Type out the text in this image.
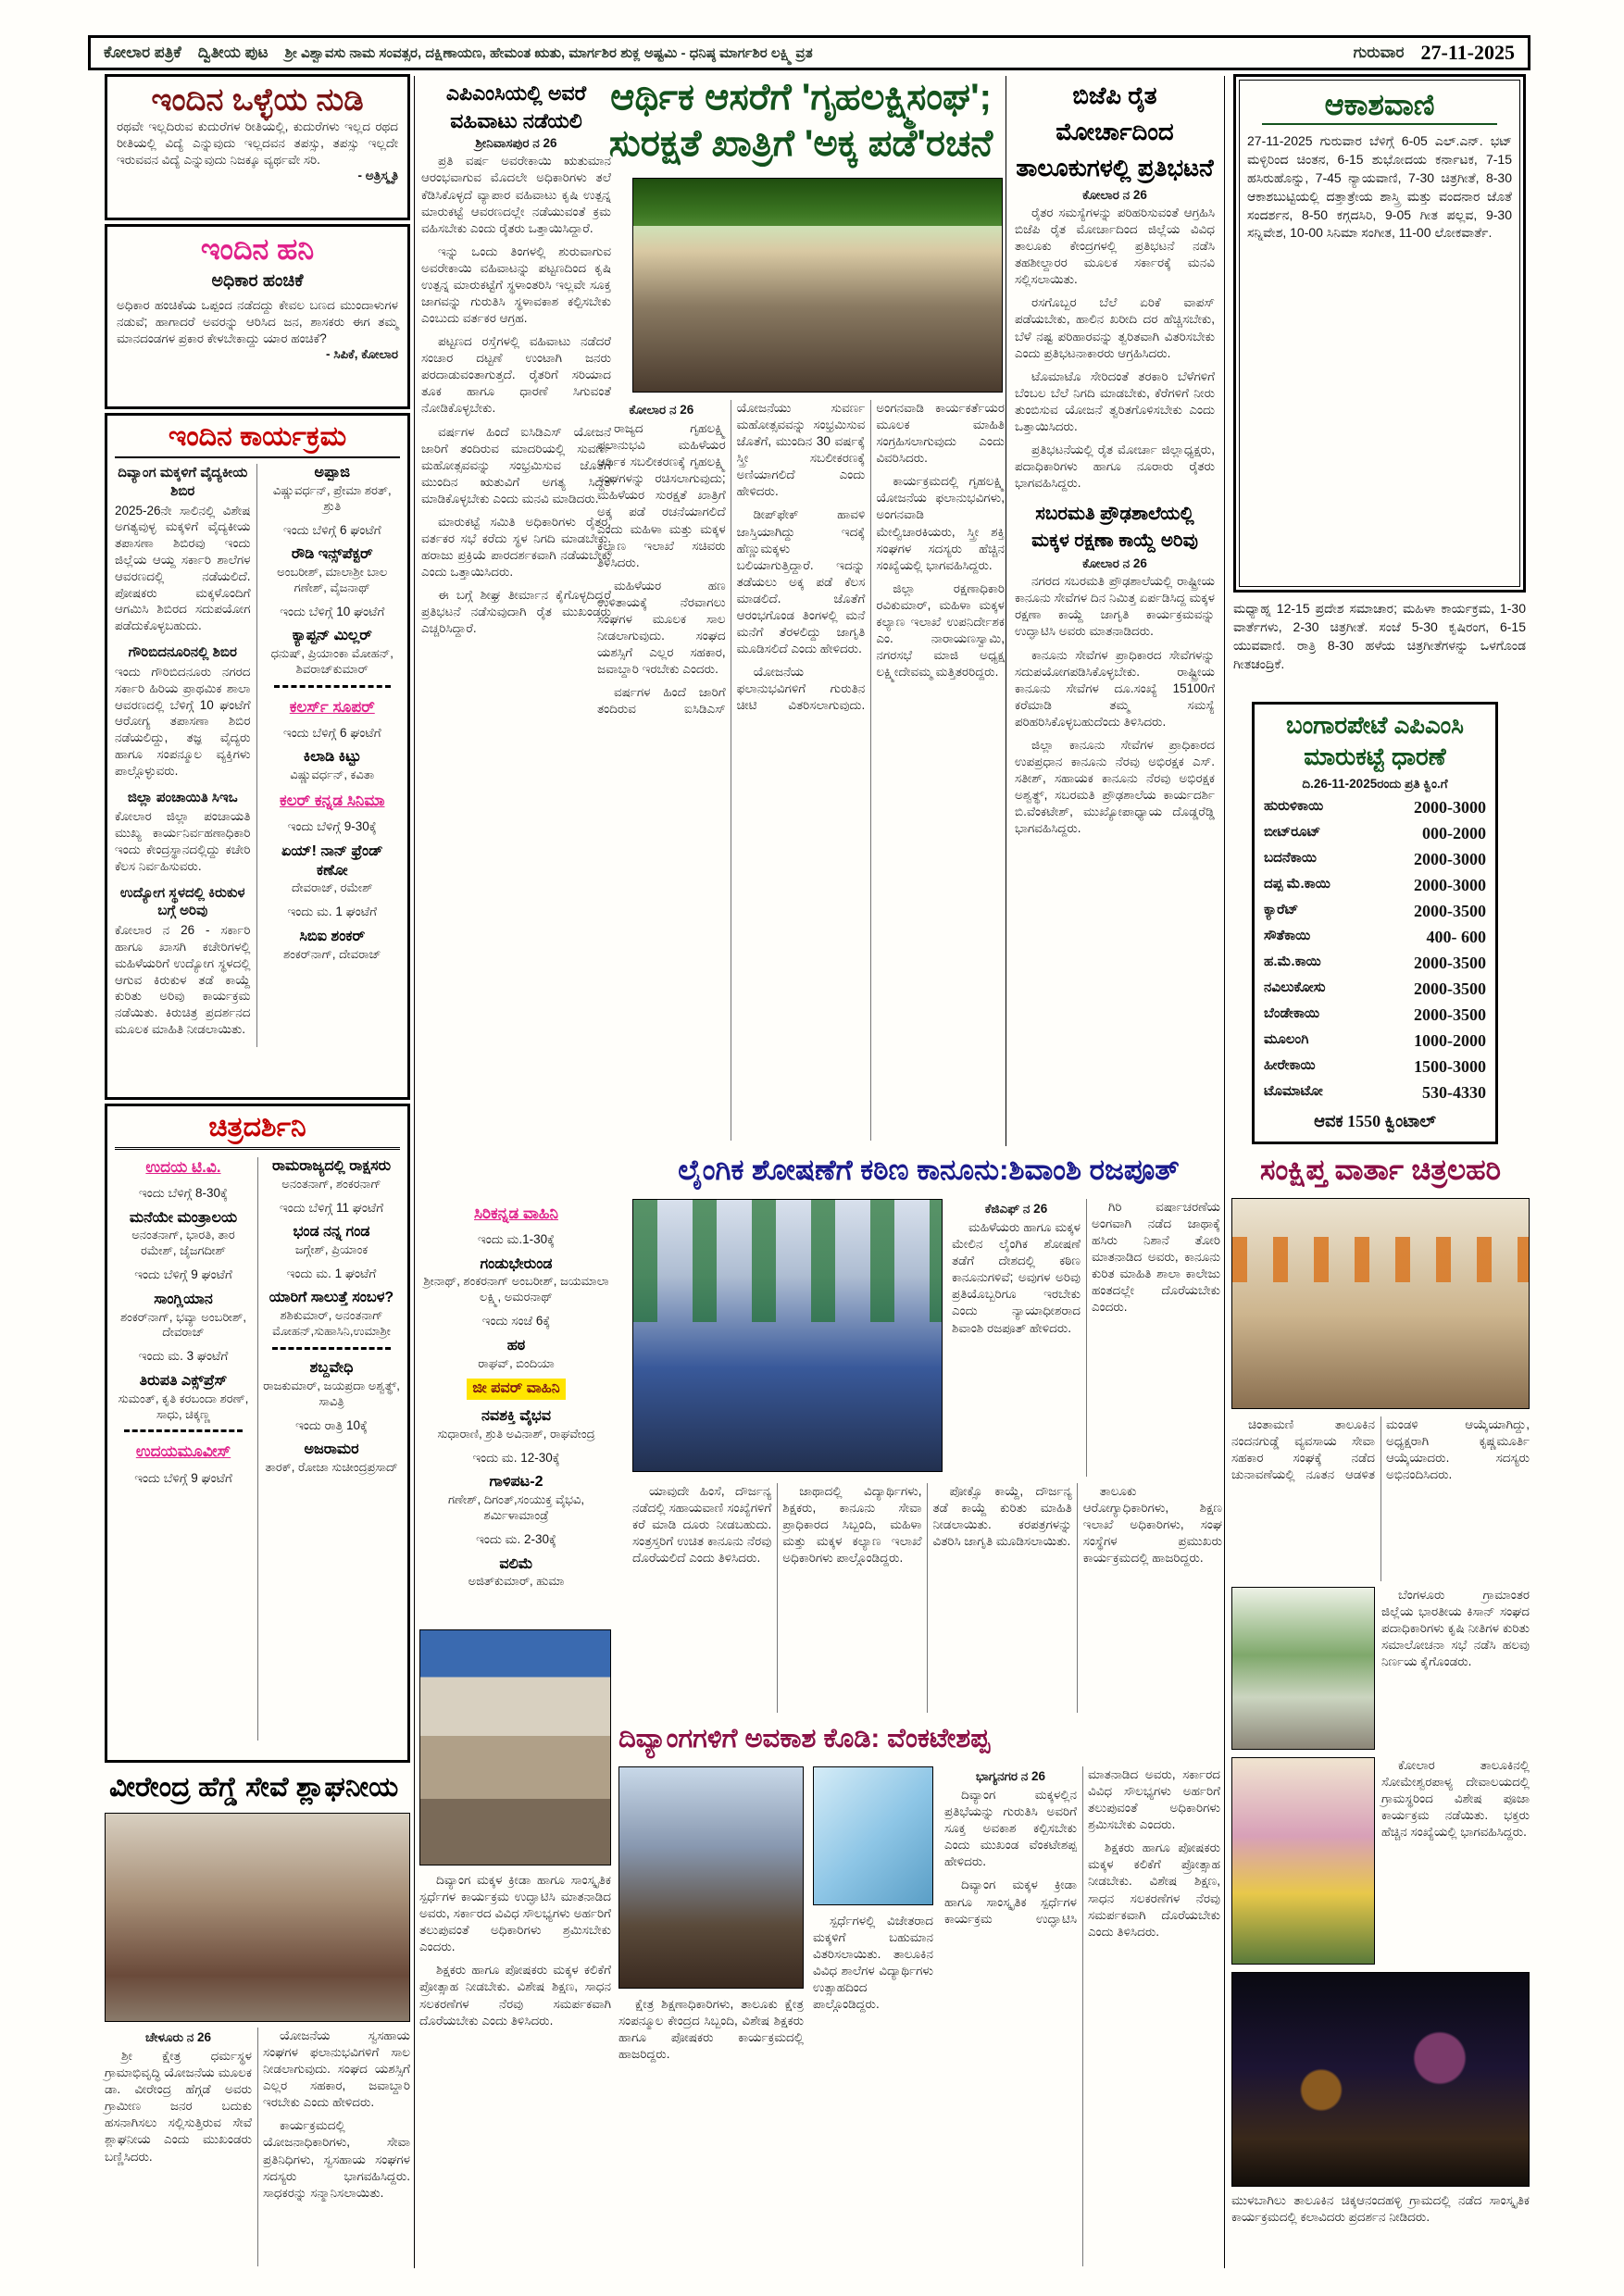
ಕೋಲಾರ ಪತ್ರಿಕೆ ದ್ವಿತೀಯ ಪುಟ ಶ್ರೀ ವಿಶ್ವಾವಸು ನಾಮ ಸಂವತ್ಸರ, ದಕ್ಷಿಣಾಯಣ, ಹೇಮಂತ ಋತು, ಮಾರ್ಗಶಿರ ಶುಕ್ಲ ಅಷ್ಟಮಿ - ಧನಿಷ್ಠ ಮಾರ್ಗಶಿರ ಲಕ್ಷ್ಮಿ ವ್ರತ	ಗುರುವಾರ 27-11-2025
ಇಂದಿನ ಒಳ್ಳೆಯ ನುಡಿ
ರಥವೇ ಇಲ್ಲದಿರುವ ಕುದುರೆಗಳ ರೀತಿಯಲ್ಲಿ, ಕುದುರೆಗಳು ಇಲ್ಲದ ರಥದ ರೀತಿಯಲ್ಲಿ ವಿದ್ಯೆ ಎನ್ನುವುದು ಇಲ್ಲದವನ ತಪಸ್ಸು, ತಪಸ್ಸು ಇಲ್ಲದೇ ಇರುವವನ ವಿದ್ಯೆ ಎನ್ನುವುದು ನಿಜಕ್ಕೂ ವ್ಯರ್ಥವೇ ಸರಿ.
- ಅತ್ರಿಸ್ಮೃತಿ
ಇಂದಿನ ಹನಿ
ಅಧಿಕಾರ ಹಂಚಿಕೆ
ಅಧಿಕಾರ ಹಂಚಿಕೆಯ ಒಪ್ಪಂದ ನಡೆದದ್ದು ಕೇವಲ ಬಣದ ಮುಂದಾಳುಗಳ ನಡುವೆ; ಹಾಗಾದರೆ ಅವರನ್ನು ಆರಿಸಿದ ಜನ, ಶಾಸಕರು ಈಗ ತಮ್ಮ ಮಾನದಂಡಗಳ ಪ್ರಕಾರ ಕೇಳಬೇಕಾದ್ದು ಯಾರ ಹಂಚಿಕೆ?
- ಸಿಪಿಕೆ, ಕೋಲಾರ
ಇಂದಿನ ಕಾರ್ಯಕ್ರಮ
ದಿವ್ಯಾಂಗ ಮಕ್ಕಳಿಗೆ ವೈದ್ಯಕೀಯ ಶಿಬಿರ
2025-26ನೇ ಸಾಲಿನಲ್ಲಿ ವಿಶೇಷ ಅಗತ್ಯವುಳ್ಳ ಮಕ್ಕಳಿಗೆ ವೈದ್ಯಕೀಯ ತಪಾಸಣಾ ಶಿಬಿರವು ಇಂದು ಜಿಲ್ಲೆಯ ಆಯ್ದ ಸರ್ಕಾರಿ ಶಾಲೆಗಳ ಆವರಣದಲ್ಲಿ ನಡೆಯಲಿದೆ. ಪೋಷಕರು ಮಕ್ಕಳೊಂದಿಗೆ ಆಗಮಿಸಿ ಶಿಬಿರದ ಸದುಪಯೋಗ ಪಡೆದುಕೊಳ್ಳಬಹುದು.
ಗೌರಿಬಿದನೂರಿನಲ್ಲಿ ಶಿಬಿರ
ಇಂದು ಗೌರಿಬಿದನೂರು ನಗರದ ಸರ್ಕಾರಿ ಹಿರಿಯ ಪ್ರಾಥಮಿಕ ಶಾಲಾ ಆವರಣದಲ್ಲಿ ಬೆಳಿಗ್ಗೆ 10 ಘಂಟೆಗೆ ಆರೋಗ್ಯ ತಪಾಸಣಾ ಶಿಬಿರ ನಡೆಯಲಿದ್ದು, ತಜ್ಞ ವೈದ್ಯರು ಹಾಗೂ ಸಂಪನ್ಮೂಲ ವ್ಯಕ್ತಿಗಳು ಪಾಲ್ಗೊಳ್ಳುವರು.
ಜಿಲ್ಲಾ ಪಂಚಾಯಿತಿ ಸಿಇಒ
ಕೋಲಾರ ಜಿಲ್ಲಾ ಪಂಚಾಯತಿ ಮುಖ್ಯ ಕಾರ್ಯನಿರ್ವಹಣಾಧಿಕಾರಿ ಇಂದು ಕೇಂದ್ರಸ್ಥಾನದಲ್ಲಿದ್ದು ಕಚೇರಿ ಕೆಲಸ ನಿರ್ವಹಿಸುವರು.
ಉದ್ಯೋಗ ಸ್ಥಳದಲ್ಲಿ ಕಿರುಕುಳ ಬಗ್ಗೆ ಅರಿವು
ಕೋಲಾರ ನ 26 - ಸರ್ಕಾರಿ ಹಾಗೂ ಖಾಸಗಿ ಕಚೇರಿಗಳಲ್ಲಿ ಮಹಿಳೆಯರಿಗೆ ಉದ್ಯೋಗ ಸ್ಥಳದಲ್ಲಿ ಆಗುವ ಕಿರುಕುಳ ತಡೆ ಕಾಯ್ದೆ ಕುರಿತು ಅರಿವು ಕಾರ್ಯಕ್ರಮ ನಡೆಯಿತು. ಕಿರುಚಿತ್ರ ಪ್ರದರ್ಶನದ ಮೂಲಕ ಮಾಹಿತಿ ನೀಡಲಾಯಿತು.
ಅಪ್ಪಾಜಿ
ವಿಷ್ಣುವರ್ಧನ್, ಪ್ರೇಮಾ ಶರತ್, ಶ್ರುತಿ
ಇಂದು ಬೆಳಿಗ್ಗೆ 6 ಘಂಟೆಗೆ
ರೌಡಿ ಇನ್ಸ್‌ಪೆಕ್ಟರ್
ಅಂಬರೀಶ್, ಮಾಲಾಶ್ರೀ ಬಾಲ ಗಣೇಶ್, ವೈಜನಾಥ್
ಇಂದು ಬೆಳಿಗ್ಗೆ 10 ಘಂಟೆಗೆ
ಕ್ಯಾಪ್ಟನ್ ಮಿಲ್ಲರ್
ಧನುಷ್, ಪ್ರಿಯಾಂಕಾ ಮೋಹನ್, ಶಿವರಾಜ್‌ಕುಮಾರ್
ಕಲರ್ಸ್ ಸೂಪರ್
ಇಂದು ಬೆಳಿಗ್ಗೆ 6 ಘಂಟೆಗೆ
ಕಿಲಾಡಿ ಕಿಟ್ಟು
ವಿಷ್ಣುವರ್ಧನ್, ಕವಿತಾ
ಕಲರ್ ಕನ್ನಡ ಸಿನಿಮಾ
ಇಂದು ಬೆಳಿಗ್ಗೆ 9-30ಕ್ಕೆ
ಏಯ್! ನಾನ್ ಫ್ರೆಂಡ್ ಕಣೋ
ದೇವರಾಜ್, ರಮೇಶ್
ಇಂದು ಮ. 1 ಘಂಟೆಗೆ
ಸಿಬಿಐ ಶಂಕರ್
ಶಂಕರ್‌ನಾಗ್, ದೇವರಾಜ್
ಚಿತ್ರದರ್ಶಿನಿ
ಉದಯ ಟಿ.ವಿ.
ಇಂದು ಬೆಳಿಗ್ಗೆ 8-30ಕ್ಕೆ
ಮನೆಯೇ ಮಂತ್ರಾಲಯ
ಅನಂತನಾಗ್, ಭಾರತಿ, ತಾರ ರಮೇಶ್, ಜೈಜಗದೀಶ್
ಇಂದು ಬೆಳಿಗ್ಗೆ 9 ಘಂಟೆಗೆ
ಸಾಂಗ್ಲಿಯಾನ
ಶಂಕರ್‌ನಾಗ್, ಭವ್ಯಾ ಅಂಬರೀಶ್, ದೇವರಾಜ್
ಇಂದು ಮ. 3 ಘಂಟೆಗೆ
ತಿರುಪತಿ ಎಕ್ಸ್‌ಪ್ರೆಸ್
ಸುಮಂತ್, ಕೃತಿ ಕರಬಂದಾ ಶರಣ್, ಸಾಧು, ಚಿಕ್ಕಣ್ಣ
ಉದಯಮೂವೀಸ್
ಇಂದು ಬೆಳಿಗ್ಗೆ 9 ಘಂಟೆಗೆ
ರಾಮರಾಜ್ಯದಲ್ಲಿ ರಾಕ್ಷಸರು
ಅನಂತನಾಗ್, ಶಂಕರನಾಗ್
ಇಂದು ಬೆಳಿಗ್ಗೆ 11 ಘಂಟೆಗೆ
ಭಂಡ ನನ್ನ ಗಂಡ
ಜಗ್ಗೇಶ್, ಪ್ರಿಯಾಂಕ
ಇಂದು ಮ. 1 ಘಂಟೆಗೆ
ಯಾರಿಗೆ ಸಾಲುತ್ತೆ ಸಂಬಳ?
ಶಶಿಕುಮಾರ್, ಅನಂತನಾಗ್ ಮೋಹನ್,ಸುಹಾಸಿನಿ,ಉಮಾಶ್ರೀ
ಶಬ್ದವೇಧಿ
ರಾಜಕುಮಾರ್, ಜಯಪ್ರದಾ ಅಶ್ವತ್ಥ್, ಸಾವಿತ್ರಿ
ಇಂದು ರಾತ್ರಿ 10ಕ್ಕೆ
ಅಜರಾಮರ
ತಾರಕ್, ರೋಜಾ ಸುಚೀಂದ್ರಪ್ರಸಾದ್
ಎಪಿಎಂಸಿಯಲ್ಲಿ ಅವರೆ ವಹಿವಾಟು ನಡೆಯಲಿ
ಶ್ರೀನಿವಾಸಪುರ ನ 26

ಪ್ರತಿ ವರ್ಷ ಅವರೇಕಾಯಿ ಋತುಮಾನ ಆರಂಭವಾಗುವ ಮೊದಲೇ ಅಧಿಕಾರಿಗಳು ತಲೆ ಕೆಡಿಸಿಕೊಳ್ಳದೆ ವ್ಯಾಪಾರ ವಹಿವಾಟು ಕೃಷಿ ಉತ್ಪನ್ನ ಮಾರುಕಟ್ಟೆ ಆವರಣದಲ್ಲೇ ನಡೆಯುವಂತೆ ಕ್ರಮ ವಹಿಸಬೇಕು ಎಂದು ರೈತರು ಒತ್ತಾಯಿಸಿದ್ದಾರೆ.

ಇನ್ನು ಒಂದು ತಿಂಗಳಲ್ಲಿ ಶುರುವಾಗುವ ಅವರೇಕಾಯಿ ವಹಿವಾಟನ್ನು ಪಟ್ಟಣದಿಂದ ಕೃಷಿ ಉತ್ಪನ್ನ ಮಾರುಕಟ್ಟೆಗೆ ಸ್ಥಳಾಂತರಿಸಿ ಇಲ್ಲವೇ ಸೂಕ್ತ ಜಾಗವನ್ನು ಗುರುತಿಸಿ ಸ್ಥಳಾವಕಾಶ ಕಲ್ಪಿಸಬೇಕು ಎಂಬುದು ವರ್ತಕರ ಆಗ್ರಹ.

ಪಟ್ಟಣದ ರಸ್ತೆಗಳಲ್ಲಿ ವಹಿವಾಟು ನಡೆದರೆ ಸಂಚಾರ ದಟ್ಟಣೆ ಉಂಟಾಗಿ ಜನರು ಪರದಾಡುವಂತಾಗುತ್ತದೆ. ರೈತರಿಗೆ ಸರಿಯಾದ ತೂಕ ಹಾಗೂ ಧಾರಣೆ ಸಿಗುವಂತೆ ನೋಡಿಕೊಳ್ಳಬೇಕು.

ವರ್ಷಗಳ ಹಿಂದೆ ಐಸಿಡಿಎಸ್ ಯೋಜನೆ ಜಾರಿಗೆ ತಂದಿರುವ ಮಾದರಿಯಲ್ಲಿ ಸುವರ್ಣ ಮಹೋತ್ಸವವನ್ನು ಸಂಭ್ರಮಿಸುವ ಜೊತೆಗೆ ಮುಂದಿನ ಋತುವಿಗೆ ಅಗತ್ಯ ಸಿದ್ಧತೆ ಮಾಡಿಕೊಳ್ಳಬೇಕು ಎಂದು ಮನವಿ ಮಾಡಿದರು.

ಮಾರುಕಟ್ಟೆ ಸಮಿತಿ ಅಧಿಕಾರಿಗಳು ರೈತರ, ವರ್ತಕರ ಸಭೆ ಕರೆದು ಸ್ಥಳ ನಿಗದಿ ಮಾಡಬೇಕು. ಹರಾಜು ಪ್ರಕ್ರಿಯೆ ಪಾರದರ್ಶಕವಾಗಿ ನಡೆಯಬೇಕು ಎಂದು ಒತ್ತಾಯಿಸಿದರು.

ಈ ಬಗ್ಗೆ ಶೀಘ್ರ ತೀರ್ಮಾನ ಕೈಗೊಳ್ಳದಿದ್ದರೆ ಪ್ರತಿಭಟನೆ ನಡೆಸುವುದಾಗಿ ರೈತ ಮುಖಂಡರು ಎಚ್ಚರಿಸಿದ್ದಾರೆ.

ಸಿರಿಕನ್ನಡ ವಾಹಿನಿ
ಇಂದು ಮ.1-30ಕ್ಕೆ
ಗಂಡುಭೇರುಂಡ
ಶ್ರೀನಾಥ್, ಶಂಕರನಾಗ್ ಅಂಬರೀಶ್, ಜಯಮಾಲಾ ಲಕ್ಷ್ಮಿ, ಅಮರನಾಥ್
ಇಂದು ಸಂಜೆ 6ಕ್ಕೆ
ಹಠ
ರಾಘವ್, ಬಿಂದಿಯಾ
ಜೀ ಪವರ್ ವಾಹಿನಿ
ನವಶಕ್ತಿ ವೈಭವ
ಸುಧಾರಾಣಿ, ಶ್ರುತಿ ಅವಿನಾಶ್, ರಾಘವೇಂದ್ರ
ಇಂದು ಮ. 12-30ಕ್ಕೆ
ಗಾಳಿಪಟ-2
ಗಣೇಶ್, ದಿಗಂತ್,ಸಂಯುಕ್ತ ವೈಭವಿ, ಶರ್ಮಿಳಾಮಾಂಡ್ರೆ
ಇಂದು ಮ. 2-30ಕ್ಕೆ
ವಲಿಮೆ
ಅಜಿತ್‌ಕುಮಾರ್, ಹುಮಾ
ಆರ್ಥಿಕ ಆಸರೆಗೆ 'ಗೃಹಲಕ್ಷ್ಮಿಸಂಘ';
ಸುರಕ್ಷತೆ ಖಾತ್ರಿಗೆ 'ಅಕ್ಕ ಪಡೆ'ರಚನೆ
ಕೋಲಾರ ನ 26

ರಾಜ್ಯದ ಗೃಹಲಕ್ಷ್ಮಿ ಫಲಾನುಭವಿ ಮಹಿಳೆಯರ ಆರ್ಥಿಕ ಸಬಲೀಕರಣಕ್ಕೆ ಗೃಹಲಕ್ಷ್ಮಿ ಸಂಘಗಳನ್ನು ರಚಿಸಲಾಗುವುದು; ಮಹಿಳೆಯರ ಸುರಕ್ಷತೆ ಖಾತ್ರಿಗೆ ಅಕ್ಕ ಪಡೆ ರಚನೆಯಾಗಲಿದೆ ಎಂದು ಮಹಿಳಾ ಮತ್ತು ಮಕ್ಕಳ ಕಲ್ಯಾಣ ಇಲಾಖೆ ಸಚಿವರು ತಿಳಿಸಿದರು.

ಮಹಿಳೆಯರ ಹಣ ಉಳಿತಾಯಕ್ಕೆ ನೆರವಾಗಲು ಸಂಘಗಳ ಮೂಲಕ ಸಾಲ ನೀಡಲಾಗುವುದು. ಸಂಘದ ಯಶಸ್ಸಿಗೆ ಎಲ್ಲರ ಸಹಕಾರ, ಜವಾಬ್ದಾರಿ ಇರಬೇಕು ಎಂದರು.

ವರ್ಷಗಳ ಹಿಂದೆ ಜಾರಿಗೆ ತಂದಿರುವ ಐಸಿಡಿಎಸ್ ಯೋಜನೆಯು ಸುವರ್ಣ ಮಹೋತ್ಸವವನ್ನು ಸಂಭ್ರಮಿಸುವ ಜೊತೆಗೆ, ಮುಂದಿನ 30 ವರ್ಷಕ್ಕೆ ಸ್ತ್ರೀ ಸಬಲೀಕರಣಕ್ಕೆ ಅಣಿಯಾಗಲಿದೆ ಎಂದು ಹೇಳಿದರು.

ಡೀಪ್‌ಫೇಕ್ ಹಾವಳಿ ಜಾಸ್ತಿಯಾಗಿದ್ದು ಇದಕ್ಕೆ ಹೆಣ್ಣುಮಕ್ಕಳು ಬಲಿಯಾಗುತ್ತಿದ್ದಾರೆ. ಇದನ್ನು ತಡೆಯಲು ಅಕ್ಕ ಪಡೆ ಕೆಲಸ ಮಾಡಲಿದೆ. ಜೊತೆಗೆ ಆರಂಭಗೊಂಡ ತಿಂಗಳಲ್ಲಿ ಮನೆ ಮನೆಗೆ ತೆರಳಲಿದ್ದು ಜಾಗೃತಿ ಮೂಡಿಸಲಿದೆ ಎಂದು ಹೇಳಿದರು.

ಯೋಜನೆಯ ಫಲಾನುಭವಿಗಳಿಗೆ ಗುರುತಿನ ಚೀಟಿ ವಿತರಿಸಲಾಗುವುದು. ಅಂಗನವಾಡಿ ಕಾರ್ಯಕರ್ತೆಯರ ಮೂಲಕ ಮಾಹಿತಿ ಸಂಗ್ರಹಿಸಲಾಗುವುದು ಎಂದು ವಿವರಿಸಿದರು.

ಕಾರ್ಯಕ್ರಮದಲ್ಲಿ ಗೃಹಲಕ್ಷ್ಮಿ ಯೋಜನೆಯ ಫಲಾನುಭವಿಗಳು, ಅಂಗನವಾಡಿ ಮೇಲ್ವಿಚಾರಕಿಯರು, ಸ್ತ್ರೀ ಶಕ್ತಿ ಸಂಘಗಳ ಸದಸ್ಯರು ಹೆಚ್ಚಿನ ಸಂಖ್ಯೆಯಲ್ಲಿ ಭಾಗವಹಿಸಿದ್ದರು.

ಜಿಲ್ಲಾ ರಕ್ಷಣಾಧಿಕಾರಿ ರವಿಕುಮಾರ್, ಮಹಿಳಾ ಮಕ್ಕಳ ಕಲ್ಯಾಣ ಇಲಾಖೆ ಉಪನಿರ್ದೇಶಕ ಎಂ. ನಾರಾಯಣಸ್ವಾಮಿ, ನಗರಸಭೆ ಮಾಜಿ ಅಧ್ಯಕ್ಷ ಲಕ್ಷ್ಮೀದೇವಮ್ಮ ಮತ್ತಿತರರಿದ್ದರು.

ಬಿಜೆಪಿ ರೈತ ಮೋರ್ಚಾದಿಂದ ತಾಲೂಕುಗಳಲ್ಲಿ ಪ್ರತಿಭಟನೆ
ಕೋಲಾರ ನ 26

ರೈತರ ಸಮಸ್ಯೆಗಳನ್ನು ಪರಿಹರಿಸುವಂತೆ ಆಗ್ರಹಿಸಿ ಬಿಜೆಪಿ ರೈತ ಮೋರ್ಚಾದಿಂದ ಜಿಲ್ಲೆಯ ವಿವಿಧ ತಾಲೂಕು ಕೇಂದ್ರಗಳಲ್ಲಿ ಪ್ರತಿಭಟನೆ ನಡೆಸಿ ತಹಶೀಲ್ದಾರರ ಮೂಲಕ ಸರ್ಕಾರಕ್ಕೆ ಮನವಿ ಸಲ್ಲಿಸಲಾಯಿತು.

ರಸಗೊಬ್ಬರ ಬೆಲೆ ಏರಿಕೆ ವಾಪಸ್ ಪಡೆಯಬೇಕು, ಹಾಲಿನ ಖರೀದಿ ದರ ಹೆಚ್ಚಿಸಬೇಕು, ಬೆಳೆ ನಷ್ಟ ಪರಿಹಾರವನ್ನು ತ್ವರಿತವಾಗಿ ವಿತರಿಸಬೇಕು ಎಂದು ಪ್ರತಿಭಟನಾಕಾರರು ಆಗ್ರಹಿಸಿದರು.

ಟೊಮಾಟೊ ಸೇರಿದಂತೆ ತರಕಾರಿ ಬೆಳೆಗಳಿಗೆ ಬೆಂಬಲ ಬೆಲೆ ನಿಗದಿ ಮಾಡಬೇಕು, ಕೆರೆಗಳಿಗೆ ನೀರು ತುಂಬಿಸುವ ಯೋಜನೆ ತ್ವರಿತಗೊಳಿಸಬೇಕು ಎಂದು ಒತ್ತಾಯಿಸಿದರು.

ಪ್ರತಿಭಟನೆಯಲ್ಲಿ ರೈತ ಮೋರ್ಚಾ ಜಿಲ್ಲಾಧ್ಯಕ್ಷರು, ಪದಾಧಿಕಾರಿಗಳು ಹಾಗೂ ನೂರಾರು ರೈತರು ಭಾಗವಹಿಸಿದ್ದರು.

ಸಬರಮತಿ ಪ್ರೌಢಶಾಲೆಯಲ್ಲಿ ಮಕ್ಕಳ ರಕ್ಷಣಾ ಕಾಯ್ದೆ ಅರಿವು
ಕೋಲಾರ ನ 26

ನಗರದ ಸಬರಮತಿ ಪ್ರೌಢಶಾಲೆಯಲ್ಲಿ ರಾಷ್ಟ್ರೀಯ ಕಾನೂನು ಸೇವೆಗಳ ದಿನ ನಿಮಿತ್ತ ಏರ್ಪಡಿಸಿದ್ದ ಮಕ್ಕಳ ರಕ್ಷಣಾ ಕಾಯ್ದೆ ಜಾಗೃತಿ ಕಾರ್ಯಕ್ರಮವನ್ನು ಉದ್ಘಾಟಿಸಿ ಅವರು ಮಾತನಾಡಿದರು.

ಕಾನೂನು ಸೇವೆಗಳ ಪ್ರಾಧಿಕಾರದ ಸೇವೆಗಳನ್ನು ಸದುಪಯೋಗಪಡಿಸಿಕೊಳ್ಳಬೇಕು. ರಾಷ್ಟ್ರೀಯ ಕಾನೂನು ಸೇವೆಗಳ ದೂ.ಸಂಖ್ಯೆ 15100ಗೆ ಕರೆಮಾಡಿ ತಮ್ಮ ಸಮಸ್ಯೆ ಪರಿಹರಿಸಿಕೊಳ್ಳಬಹುದೆಂದು ತಿಳಿಸಿದರು.

ಜಿಲ್ಲಾ ಕಾನೂನು ಸೇವೆಗಳ ಪ್ರಾಧಿಕಾರದ ಉಪಪ್ರಧಾನ ಕಾನೂನು ನೆರವು ಅಭಿರಕ್ಷಕ ಎಸ್. ಸತೀಶ್, ಸಹಾಯಕ ಕಾನೂನು ನೆರವು ಅಭಿರಕ್ಷಕ ಅಶ್ವತ್ಥ್, ಸಬರಮತಿ ಪ್ರೌಢಶಾಲೆಯ ಕಾರ್ಯದರ್ಶಿ ಬಿ.ವೆಂಕಟೇಶ್, ಮುಖ್ಯೋಪಾಧ್ಯಾಯ ದೊಡ್ಡರೆಡ್ಡಿ ಭಾಗವಹಿಸಿದ್ದರು.

ಆಕಾಶವಾಣಿ
27-11-2025 ಗುರುವಾರ ಬೆಳಿಗ್ಗೆ 6-05 ಎಲ್.ಎನ್. ಭಟ್ ಮಳ್ಳಿರಿಂದ ಚಿಂತನ, 6-15 ಶುಭೋದಯ ಕರ್ನಾಟಕ, 7-15 ಹಸಿರುಹೊನ್ನು, 7-45 ನ್ಯಾಯವಾಣಿ, 7-30 ಚಿತ್ರಗೀತೆ, 8-30 ಆಕಾಶಬುಟ್ಟಿಯಲ್ಲಿ ದತ್ತಾತ್ರೇಯ ಶಾಸ್ತ್ರಿ ಮತ್ತು ವಂದನಾರ ಜೊತೆ ಸಂದರ್ಶನ, 8-50 ಕಗ್ಗದಸಿರಿ, 9-05 ಗೀತ ಪಲ್ಲವ, 9-30 ಸನ್ನಿವೇಶ, 10-00 ಸಿನಿಮಾ ಸಂಗೀತ, 11-00 ಲೋಕವಾರ್ತೆ.
ಮಧ್ಯಾಹ್ನ 12-15 ಪ್ರದೇಶ ಸಮಾಚಾರ; ಮಹಿಳಾ ಕಾರ್ಯಕ್ರಮ, 1-30 ವಾರ್ತೆಗಳು, 2-30 ಚಿತ್ರಗೀತೆ. ಸಂಜೆ 5-30 ಕೃಷಿರಂಗ, 6-15 ಯುವವಾಣಿ. ರಾತ್ರಿ 8-30 ಹಳೆಯ ಚಿತ್ರಗೀತೆಗಳನ್ನು ಒಳಗೊಂಡ ಗೀತಚಂದ್ರಿಕೆ.
ಬಂಗಾರಪೇಟೆ ಎಪಿಎಂಸಿ
ಮಾರುಕಟ್ಟೆ ಧಾರಣೆ
ದಿ.26-11-2025ರಂದು ಪ್ರತಿ ಕ್ವಿಂ.ಗೆ
ಹುರುಳಿಕಾಯಿ	2000-3000
ಬೀಟ್‌ರೂಟ್	000-2000
ಬದನೆಕಾಯಿ	2000-3000
ದಪ್ಪ ಮೆ.ಕಾಯಿ	2000-3000
ಕ್ಯಾರೆಟ್	2000-3500
ಸೌತೆಕಾಯಿ	400- 600
ಹ.ಮೆ.ಕಾಯಿ	2000-3500
ನವಿಲುಕೋಸು	2000-3500
ಬೆಂಡೇಕಾಯಿ	2000-3500
ಮೂಲಂಗಿ	1000-2000
ಹೀರೇಕಾಯಿ	1500-3000
ಟೊಮಾಟೋ	530-4330
ಆವಕ 1550 ಕ್ವಿಂಟಾಲ್
ಲೈಂಗಿಕ ಶೋಷಣೆಗೆ ಕಠಿಣ ಕಾನೂನು:ಶಿವಾಂಶಿ ರಜಪೂತ್
ಕೆಜಿಎಫ್ ನ 26

ಮಹಿಳೆಯರು ಹಾಗೂ ಮಕ್ಕಳ ಮೇಲಿನ ಲೈಂಗಿಕ ಶೋಷಣೆ ತಡೆಗೆ ದೇಶದಲ್ಲಿ ಕಠಿಣ ಕಾನೂನುಗಳಿವೆ; ಅವುಗಳ ಅರಿವು ಪ್ರತಿಯೊಬ್ಬರಿಗೂ ಇರಬೇಕು ಎಂದು ನ್ಯಾಯಾಧೀಶರಾದ ಶಿವಾಂಶಿ ರಜಪೂತ್ ಹೇಳಿದರು.

ಗಿರಿ ವರ್ಷಾಚರಣೆಯ ಅಂಗವಾಗಿ ನಡೆದ ಜಾಥಾಕ್ಕೆ ಹಸಿರು ನಿಶಾನೆ ತೋರಿ ಮಾತನಾಡಿದ ಅವರು, ಕಾನೂನು ಕುರಿತ ಮಾಹಿತಿ ಶಾಲಾ ಕಾಲೇಜು ಹಂತದಲ್ಲೇ ದೊರೆಯಬೇಕು ಎಂದರು.

ಯಾವುದೇ ಹಿಂಸೆ, ದೌರ್ಜನ್ಯ ನಡೆದಲ್ಲಿ ಸಹಾಯವಾಣಿ ಸಂಖ್ಯೆಗಳಿಗೆ ಕರೆ ಮಾಡಿ ದೂರು ನೀಡಬಹುದು. ಸಂತ್ರಸ್ತರಿಗೆ ಉಚಿತ ಕಾನೂನು ನೆರವು ದೊರೆಯಲಿದೆ ಎಂದು ತಿಳಿಸಿದರು.

ಜಾಥಾದಲ್ಲಿ ವಿದ್ಯಾರ್ಥಿಗಳು, ಶಿಕ್ಷಕರು, ಕಾನೂನು ಸೇವಾ ಪ್ರಾಧಿಕಾರದ ಸಿಬ್ಬಂದಿ, ಮಹಿಳಾ ಮತ್ತು ಮಕ್ಕಳ ಕಲ್ಯಾಣ ಇಲಾಖೆ ಅಧಿಕಾರಿಗಳು ಪಾಲ್ಗೊಂಡಿದ್ದರು.

ಪೋಕ್ಸೊ ಕಾಯ್ದೆ, ದೌರ್ಜನ್ಯ ತಡೆ ಕಾಯ್ದೆ ಕುರಿತು ಮಾಹಿತಿ ನೀಡಲಾಯಿತು. ಕರಪತ್ರಗಳನ್ನು ವಿತರಿಸಿ ಜಾಗೃತಿ ಮೂಡಿಸಲಾಯಿತು.

ತಾಲೂಕು ಆರೋಗ್ಯಾಧಿಕಾರಿಗಳು, ಶಿಕ್ಷಣ ಇಲಾಖೆ ಅಧಿಕಾರಿಗಳು, ಸಂಘ ಸಂಸ್ಥೆಗಳ ಪ್ರಮುಖರು ಕಾರ್ಯಕ್ರಮದಲ್ಲಿ ಹಾಜರಿದ್ದರು.

ಸಂಕ್ಷಿಪ್ತ ವಾರ್ತಾ ಚಿತ್ರಲಹರಿ

ಚಿಂತಾಮಣಿ ತಾಲೂಕಿನ ನಂದನಗುಡ್ಡೆ ವ್ಯವಸಾಯ ಸೇವಾ ಸಹಕಾರ ಸಂಘಕ್ಕೆ ನಡೆದ ಚುನಾವಣೆಯಲ್ಲಿ ನೂತನ ಆಡಳಿತ ಮಂಡಳಿ ಆಯ್ಕೆಯಾಗಿದ್ದು, ಅಧ್ಯಕ್ಷರಾಗಿ ಕೃಷ್ಣಮೂರ್ತಿ ಆಯ್ಕೆಯಾದರು. ಸದಸ್ಯರು ಅಭಿನಂದಿಸಿದರು.

ಬೆಂಗಳೂರು ಗ್ರಾಮಾಂತರ ಜಿಲ್ಲೆಯ ಭಾರತೀಯ ಕಿಸಾನ್ ಸಂಘದ ಪದಾಧಿಕಾರಿಗಳು ಕೃಷಿ ನೀತಿಗಳ ಕುರಿತು ಸಮಾಲೋಚನಾ ಸಭೆ ನಡೆಸಿ ಹಲವು ನಿರ್ಣಯ ಕೈಗೊಂಡರು.

ಕೋಲಾರ ತಾಲೂಕಿನಲ್ಲಿ ಸೋಮೇಶ್ವರಪಾಳ್ಯ ದೇವಾಲಯದಲ್ಲಿ ಗ್ರಾಮಸ್ಥರಿಂದ ವಿಶೇಷ ಪೂಜಾ ಕಾರ್ಯಕ್ರಮ ನಡೆಯಿತು. ಭಕ್ತರು ಹೆಚ್ಚಿನ ಸಂಖ್ಯೆಯಲ್ಲಿ ಭಾಗವಹಿಸಿದ್ದರು.

ಮುಳಬಾಗಿಲು ತಾಲೂಕಿನ ಚಿಕ್ಕಆನಂದಹಳ್ಳಿ ಗ್ರಾಮದಲ್ಲಿ ನಡೆದ ಸಾಂಸ್ಕೃತಿಕ ಕಾರ್ಯಕ್ರಮದಲ್ಲಿ ಕಲಾವಿದರು ಪ್ರದರ್ಶನ ನೀಡಿದರು.
ದಿವ್ಯಾಂಗಗಳಿಗೆ ಅವಕಾಶ ಕೊಡಿ: ವೆಂಕಟೇಶಪ್ಪ
ಭಾಗ್ಯನಗರ ನ 26

ದಿವ್ಯಾಂಗ ಮಕ್ಕಳಲ್ಲಿನ ಪ್ರತಿಭೆಯನ್ನು ಗುರುತಿಸಿ ಅವರಿಗೆ ಸೂಕ್ತ ಅವಕಾಶ ಕಲ್ಪಿಸಬೇಕು ಎಂದು ಮುಖಂಡ ವೆಂಕಟೇಶಪ್ಪ ಹೇಳಿದರು.

ದಿವ್ಯಾಂಗ ಮಕ್ಕಳ ಕ್ರೀಡಾ ಹಾಗೂ ಸಾಂಸ್ಕೃತಿಕ ಸ್ಪರ್ಧೆಗಳ ಕಾರ್ಯಕ್ರಮ ಉದ್ಘಾಟಿಸಿ ಮಾತನಾಡಿದ ಅವರು, ಸರ್ಕಾರದ ವಿವಿಧ ಸೌಲಭ್ಯಗಳು ಅರ್ಹರಿಗೆ ತಲುಪುವಂತೆ ಅಧಿಕಾರಿಗಳು ಶ್ರಮಿಸಬೇಕು ಎಂದರು.

ಶಿಕ್ಷಕರು ಹಾಗೂ ಪೋಷಕರು ಮಕ್ಕಳ ಕಲಿಕೆಗೆ ಪ್ರೋತ್ಸಾಹ ನೀಡಬೇಕು. ವಿಶೇಷ ಶಿಕ್ಷಣ, ಸಾಧನ ಸಲಕರಣೆಗಳ ನೆರವು ಸಮರ್ಪಕವಾಗಿ ದೊರೆಯಬೇಕು ಎಂದು ತಿಳಿಸಿದರು.

ಸ್ಪರ್ಧೆಗಳಲ್ಲಿ ವಿಜೇತರಾದ ಮಕ್ಕಳಿಗೆ ಬಹುಮಾನ ವಿತರಿಸಲಾಯಿತು. ತಾಲೂಕಿನ ವಿವಿಧ ಶಾಲೆಗಳ ವಿದ್ಯಾರ್ಥಿಗಳು ಉತ್ಸಾಹದಿಂದ ಪಾಲ್ಗೊಂಡಿದ್ದರು.

ಕ್ಷೇತ್ರ ಶಿಕ್ಷಣಾಧಿಕಾರಿಗಳು, ತಾಲೂಕು ಕ್ಷೇತ್ರ ಸಂಪನ್ಮೂಲ ಕೇಂದ್ರದ ಸಿಬ್ಬಂದಿ, ವಿಶೇಷ ಶಿಕ್ಷಕರು ಹಾಗೂ ಪೋಷಕರು ಕಾರ್ಯಕ್ರಮದಲ್ಲಿ ಹಾಜರಿದ್ದರು.

ದಿವ್ಯಾಂಗ ಮಕ್ಕಳ ಕ್ರೀಡಾ ಹಾಗೂ ಸಾಂಸ್ಕೃತಿಕ ಸ್ಪರ್ಧೆಗಳ ಕಾರ್ಯಕ್ರಮ ಉದ್ಘಾಟಿಸಿ ಮಾತನಾಡಿದ ಅವರು, ಸರ್ಕಾರದ ವಿವಿಧ ಸೌಲಭ್ಯಗಳು ಅರ್ಹರಿಗೆ ತಲುಪುವಂತೆ ಅಧಿಕಾರಿಗಳು ಶ್ರಮಿಸಬೇಕು ಎಂದರು.

ಶಿಕ್ಷಕರು ಹಾಗೂ ಪೋಷಕರು ಮಕ್ಕಳ ಕಲಿಕೆಗೆ ಪ್ರೋತ್ಸಾಹ ನೀಡಬೇಕು. ವಿಶೇಷ ಶಿಕ್ಷಣ, ಸಾಧನ ಸಲಕರಣೆಗಳ ನೆರವು ಸಮರ್ಪಕವಾಗಿ ದೊರೆಯಬೇಕು ಎಂದು ತಿಳಿಸಿದರು.

ವೀರೇಂದ್ರ ಹೆಗ್ಡೆ ಸೇವೆ ಶ್ಲಾಘನೀಯ
ಚೇಳೂರು ನ 26

ಶ್ರೀ ಕ್ಷೇತ್ರ ಧರ್ಮಸ್ಥಳ ಗ್ರಾಮಾಭಿವೃದ್ಧಿ ಯೋಜನೆಯ ಮೂಲಕ ಡಾ. ವೀರೇಂದ್ರ ಹೆಗ್ಗಡೆ ಅವರು ಗ್ರಾಮೀಣ ಜನರ ಬದುಕು ಹಸನಾಗಿಸಲು ಸಲ್ಲಿಸುತ್ತಿರುವ ಸೇವೆ ಶ್ಲಾಘನೀಯ ಎಂದು ಮುಖಂಡರು ಬಣ್ಣಿಸಿದರು.

ಯೋಜನೆಯ ಸ್ವಸಹಾಯ ಸಂಘಗಳ ಫಲಾನುಭವಿಗಳಿಗೆ ಸಾಲ ನೀಡಲಾಗುವುದು. ಸಂಘದ ಯಶಸ್ಸಿಗೆ ಎಲ್ಲರ ಸಹಕಾರ, ಜವಾಬ್ದಾರಿ ಇರಬೇಕು ಎಂದು ಹೇಳಿದರು.

ಕಾರ್ಯಕ್ರಮದಲ್ಲಿ ಯೋಜನಾಧಿಕಾರಿಗಳು, ಸೇವಾ ಪ್ರತಿನಿಧಿಗಳು, ಸ್ವಸಹಾಯ ಸಂಘಗಳ ಸದಸ್ಯರು ಭಾಗವಹಿಸಿದ್ದರು. ಸಾಧಕರನ್ನು ಸನ್ಮಾನಿಸಲಾಯಿತು.
